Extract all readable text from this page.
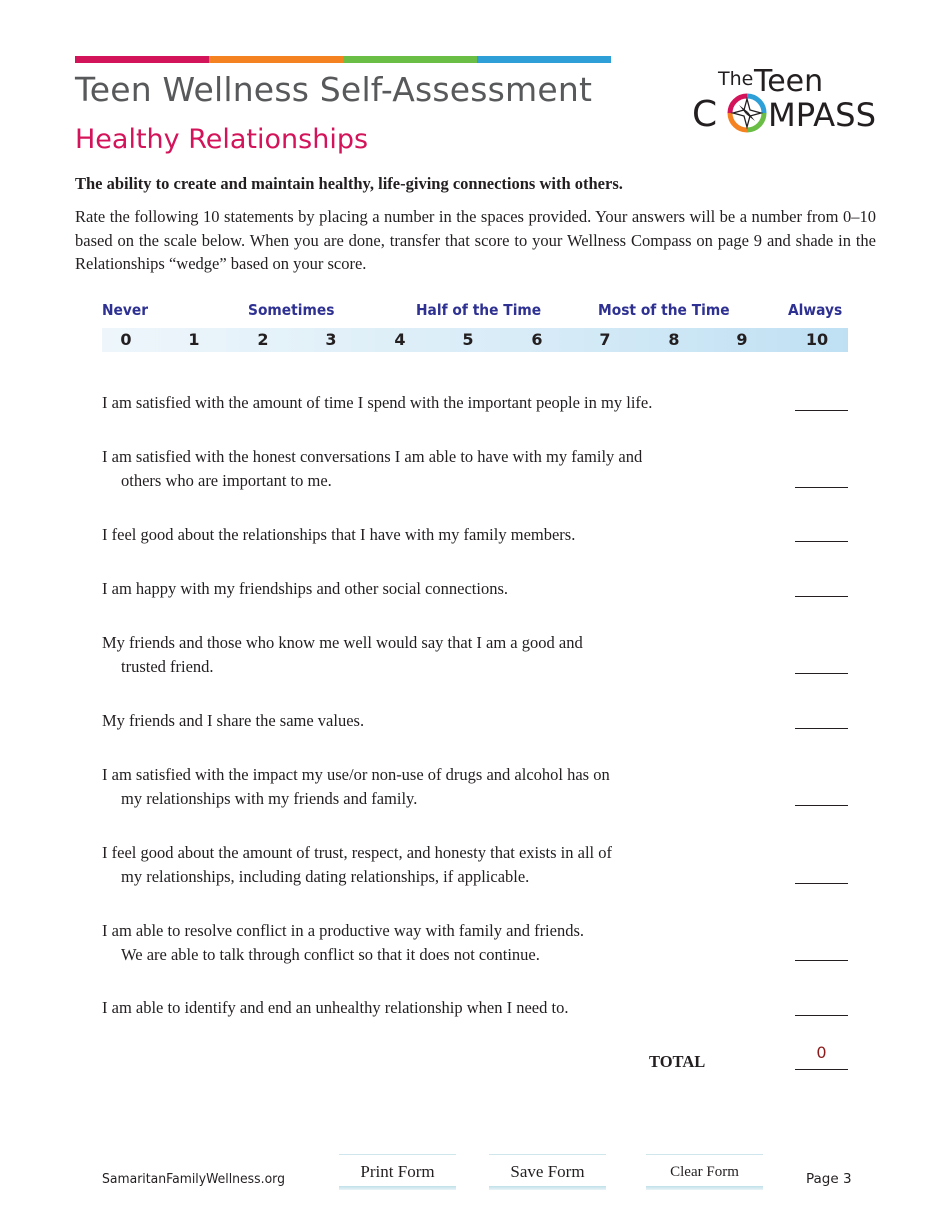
Teen Wellness Self-Assessment
Healthy Relationships
The Teen
C MPASS
The ability to create and maintain healthy, life-giving connections with others.
Rate the following 10 statements by placing a number in the spaces provided. Your answers will be a number from 0–10 based on the scale below. When you are done, transfer that score to your Wellness Compass on page 9 and shade in the Relationships “wedge” based on your score.
Never	Sometimes	Half of the Time	Most of the Time	Always
0	1	2	3	4	5	6	7	8	9	10
I am satisfied with the amount of time I spend with the important people in my life.
I am satisfied with the honest conversations I am able to have with my family and
others who are important to me.
I feel good about the relationships that I have with my family members.
I am happy with my friendships and other social connections.
My friends and those who know me well would say that I am a good and
trusted friend.
My friends and I share the same values.
I am satisfied with the impact my use/or non-use of drugs and alcohol has on
my relationships with my friends and family.
I feel good about the amount of trust, respect, and honesty that exists in all of
my relationships, including dating relationships, if applicable.
I am able to resolve conflict in a productive way with family and friends.
We are able to talk through conflict so that it does not continue.
I am able to identify and end an unhealthy relationship when I need to.
TOTAL	0
SamaritanFamilyWellness.org	Print Form	Save Form	Clear Form	Page 3
